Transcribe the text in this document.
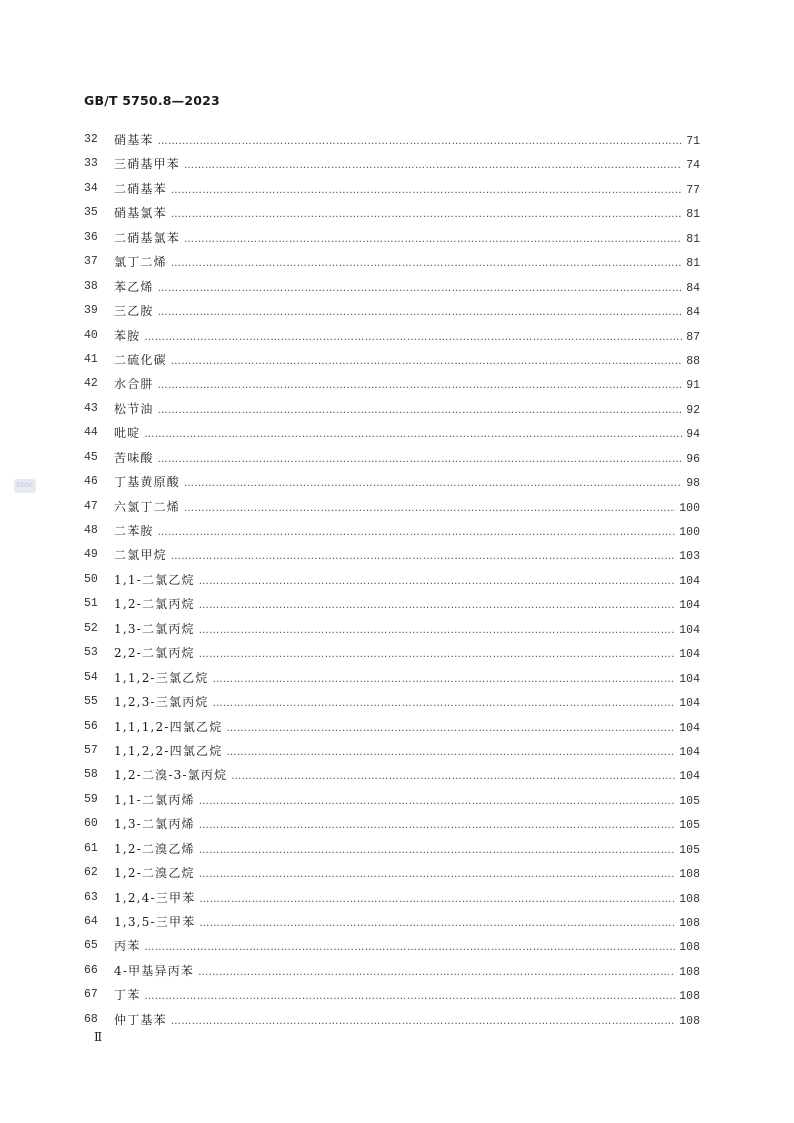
GB/T 5750.8—2023
SDSC
32	硝基苯 ………………………………………………………………………………………………………………………………………………………………………………………………………………………………………………	71
33	三硝基甲苯 ………………………………………………………………………………………………………………………………………………………………………………………………………………………………………………	74
34	二硝基苯 ………………………………………………………………………………………………………………………………………………………………………………………………………………………………………………	77
35	硝基氯苯 ………………………………………………………………………………………………………………………………………………………………………………………………………………………………………………	81
36	二硝基氯苯 ………………………………………………………………………………………………………………………………………………………………………………………………………………………………………………	81
37	氯丁二烯 ………………………………………………………………………………………………………………………………………………………………………………………………………………………………………………	81
38	苯乙烯 ………………………………………………………………………………………………………………………………………………………………………………………………………………………………………………	84
39	三乙胺 ………………………………………………………………………………………………………………………………………………………………………………………………………………………………………………	84
40	苯胺 ………………………………………………………………………………………………………………………………………………………………………………………………………………………………………………	87
41	二硫化碳 ………………………………………………………………………………………………………………………………………………………………………………………………………………………………………………	88
42	水合肼 ………………………………………………………………………………………………………………………………………………………………………………………………………………………………………………	91
43	松节油 ………………………………………………………………………………………………………………………………………………………………………………………………………………………………………………	92
44	吡啶 ………………………………………………………………………………………………………………………………………………………………………………………………………………………………………………	94
45	苦味酸 ………………………………………………………………………………………………………………………………………………………………………………………………………………………………………………	96
46	丁基黄原酸 ………………………………………………………………………………………………………………………………………………………………………………………………………………………………………………	98
47	六氯丁二烯 ………………………………………………………………………………………………………………………………………………………………………………………………………………………………………………	100
48	二苯胺 ………………………………………………………………………………………………………………………………………………………………………………………………………………………………………………	100
49	二氯甲烷 ………………………………………………………………………………………………………………………………………………………………………………………………………………………………………………	103
50	1,1-二氯乙烷 ………………………………………………………………………………………………………………………………………………………………………………………………………………………………………………	104
51	1,2-二氯丙烷 ………………………………………………………………………………………………………………………………………………………………………………………………………………………………………………	104
52	1,3-二氯丙烷 ………………………………………………………………………………………………………………………………………………………………………………………………………………………………………………	104
53	2,2-二氯丙烷 ………………………………………………………………………………………………………………………………………………………………………………………………………………………………………………	104
54	1,1,2-三氯乙烷 ………………………………………………………………………………………………………………………………………………………………………………………………………………………………………………	104
55	1,2,3-三氯丙烷 ………………………………………………………………………………………………………………………………………………………………………………………………………………………………………………	104
56	1,1,1,2-四氯乙烷 ………………………………………………………………………………………………………………………………………………………………………………………………………………………………………………	104
57	1,1,2,2-四氯乙烷 ………………………………………………………………………………………………………………………………………………………………………………………………………………………………………………	104
58	1,2-二溴-3-氯丙烷 ………………………………………………………………………………………………………………………………………………………………………………………………………………………………………………	104
59	1,1-二氯丙烯 ………………………………………………………………………………………………………………………………………………………………………………………………………………………………………………	105
60	1,3-二氯丙烯 ………………………………………………………………………………………………………………………………………………………………………………………………………………………………………………	105
61	1,2-二溴乙烯 ………………………………………………………………………………………………………………………………………………………………………………………………………………………………………………	105
62	1,2-二溴乙烷 ………………………………………………………………………………………………………………………………………………………………………………………………………………………………………………	108
63	1,2,4-三甲苯 ………………………………………………………………………………………………………………………………………………………………………………………………………………………………………………	108
64	1,3,5-三甲苯 ………………………………………………………………………………………………………………………………………………………………………………………………………………………………………………	108
65	丙苯 ………………………………………………………………………………………………………………………………………………………………………………………………………………………………………………	108
66	4-甲基异丙苯 ………………………………………………………………………………………………………………………………………………………………………………………………………………………………………………	108
67	丁苯 ………………………………………………………………………………………………………………………………………………………………………………………………………………………………………………	108
68	仲丁基苯 ………………………………………………………………………………………………………………………………………………………………………………………………………………………………………………	108
Ⅱ
